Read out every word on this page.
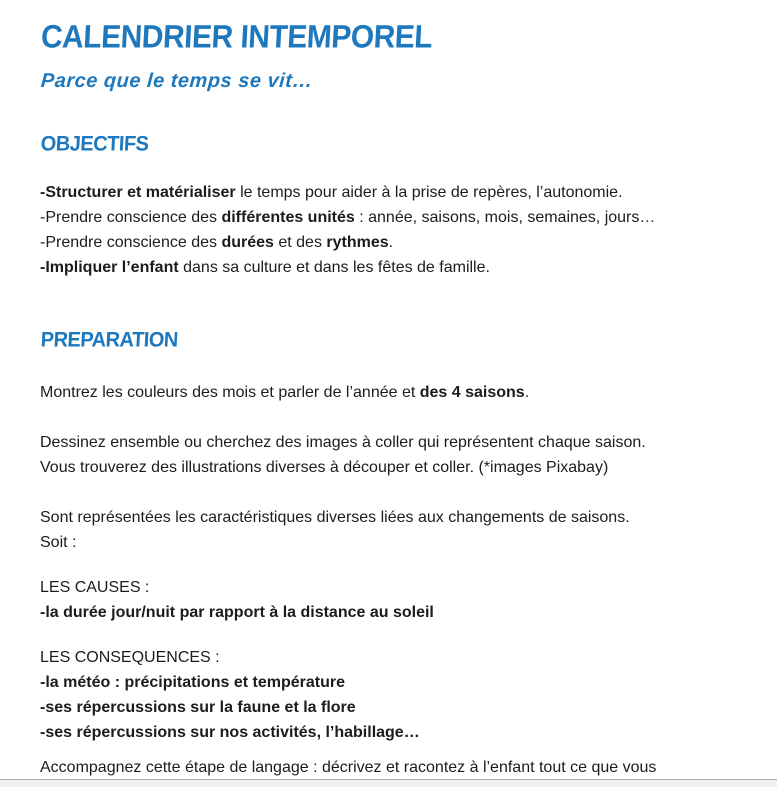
CALENDRIER INTEMPOREL
Parce que le temps se vit…
OBJECTIFS
-Structurer et matérialiser le temps pour aider à la prise de repères, l’autonomie.
-Prendre conscience des différentes unités : année, saisons, mois, semaines, jours…
-Prendre conscience des durées et des rythmes.
-Impliquer l’enfant dans sa culture et dans les fêtes de famille.
PREPARATION
Montrez les couleurs des mois et parler de l’année et des 4 saisons.
Dessinez ensemble ou cherchez des images à coller qui représentent chaque saison.
Vous trouverez des illustrations diverses à découper et coller. (*images Pixabay)
Sont représentées les caractéristiques diverses liées aux changements de saisons.
Soit :
LES CAUSES :
-la durée jour/nuit par rapport à la distance au soleil
LES CONSEQUENCES :
-la météo : précipitations et température
-ses répercussions sur la faune et la flore
-ses répercussions sur nos activités, l’habillage…
Accompagnez cette étape de langage : décrivez et racontez à l’enfant tout ce que vous
